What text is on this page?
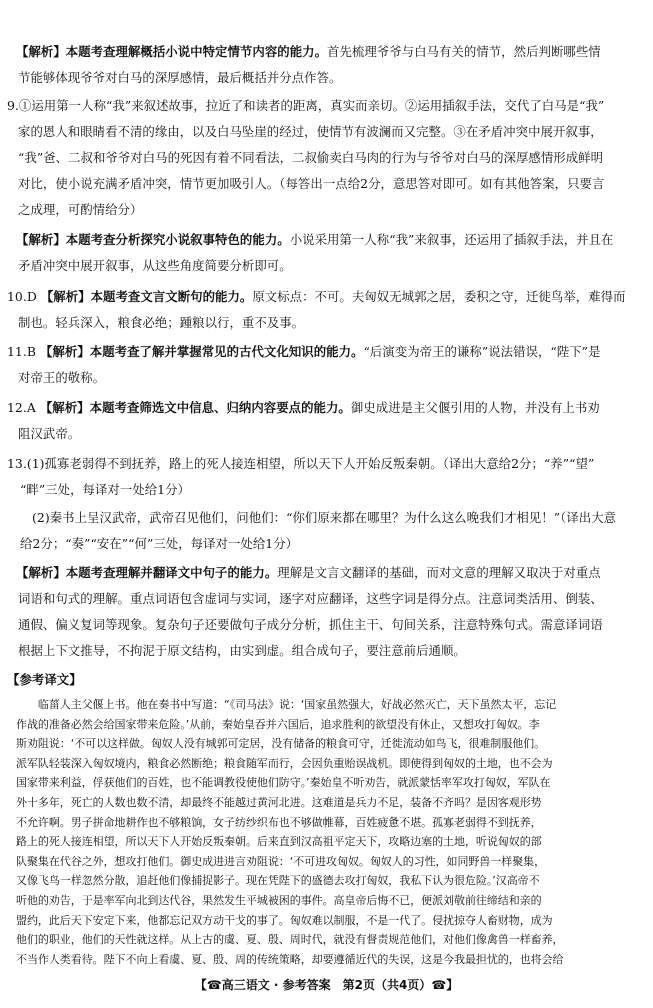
【解析】本题考查理解概括小说中特定情节内容的能力。首先梳理爷爷与白马有关的情节，然后判断哪些情
节能够体现爷爷对白马的深厚感情，最后概括并分点作答。
9.①运用第一人称“我”来叙述故事，拉近了和读者的距离，真实而亲切。②运用插叙手法，交代了白马是“我”
家的恩人和眼睛看不清的缘由，以及白马坠崖的经过，使情节有波澜而又完整。③在矛盾冲突中展开叙事，
“我”爸、二叔和爷爷对白马的死因有着不同看法，二叔偷卖白马肉的行为与爷爷对白马的深厚感情形成鲜明
对比，使小说充满矛盾冲突，情节更加吸引人。（每答出一点给2分，意思答对即可。如有其他答案，只要言
之成理，可酌情给分）
【解析】本题考查分析探究小说叙事特色的能力。小说采用第一人称“我”来叙事，还运用了插叙手法，并且在
矛盾冲突中展开叙事，从这些角度简要分析即可。
10.D 【解析】本题考查文言文断句的能力。原文标点：不可。夫匈奴无城郭之居，委积之守，迁徙鸟举，难得而
制也。轻兵深入，粮食必绝；踵粮以行，重不及事。
11.B 【解析】本题考查了解并掌握常见的古代文化知识的能力。“后演变为帝王的谦称”说法错误，“陛下”是
对帝王的敬称。
12.A 【解析】本题考查筛选文中信息、归纳内容要点的能力。御史成进是主父偃引用的人物，并没有上书劝
阻汉武帝。
13.(1)孤寡老弱得不到抚养，路上的死人接连相望，所以天下人开始反叛秦朝。（译出大意给2分；“养”“望”
“畔”三处，每译对一处给1分）
(2)秦书上呈汉武帝，武帝召见他们，问他们：“你们原来都在哪里？为什么这么晚我们才相见！”（译出大意
给2分；“奏”“安在”“何”三处，每译对一处给1分）
【解析】本题考查理解并翻译文中句子的能力。理解是文言文翻译的基础，而对文意的理解又取决于对重点
词语和句式的理解。重点词语包含虚词与实词，逐字对应翻译，这些字词是得分点。注意词类活用、倒装、
通假、偏义复词等现象。复杂句子还要做句子成分分析，抓住主干、句间关系，注意特殊句式。需意译词语
根据上下文推导，不拘泥于原文结构，由实到虚。组合成句子，要注意前后通顺。
【参考译文】
　　临菑人主父偃上书。他在奏书中写道：“《司马法》说：‘国家虽然强大，好战必然灭亡，天下虽然太平，忘记
作战的准备必然会给国家带来危险。’从前，秦始皇吞并六国后，追求胜利的欲望没有休止，又想攻打匈奴。李
斯劝阻说：‘不可以这样做。匈奴人没有城郭可定居，没有储备的粮食可守，迁徙流动如鸟飞，很难制服他们。
派军队轻装深入匈奴境内，粮食必然断绝；粮食随军而行，会因负重贻误战机。即使得到匈奴的土地，也不会为
国家带来利益，俘获他们的百姓，也不能调教役使他们防守。’秦始皇不听劝告，就派蒙恬率军攻打匈奴，军队在
外十多年，死亡的人数也数不清，却最终不能越过黄河北进。这难道是兵力不足，装备不齐吗？是因客观形势
不允许啊。男子拼命地耕作也不够粮饷，女子纺纱织布也不够做帷幕，百姓疲惫不堪。孤寡老弱得不到抚养，
路上的死人接连相望，所以天下人开始反叛秦朝。后来直到汉高祖平定天下，攻略边塞的土地，听说匈奴的部
队聚集在代谷之外，想攻打他们。御史成进进言劝阻说：‘不可进攻匈奴。匈奴人的习性，如同野兽一样聚集，
又像飞鸟一样忽然分散，追赶他们像捕捉影子。现在凭陛下的盛德去攻打匈奴，我私下认为很危险。’汉高帝不
【☎高三语文 · 参考答案　第2页（共4页）☎】
听他的劝告，于是率军向北到达代谷，果然发生平城被困的事件。高皇帝后悔不已，便派刘敬前往缔结和亲的
盟约，此后天下安定下来，他都忘记双方动干戈的事了。匈奴难以制服，不是一代了。侵扰掠夺人畜财物，成为
他们的职业，他们的天性就这样。从上古的虞、夏、殷、周时代，就没有督责规范他们，对他们像禽兽一样畜养，
不当作人类看待。陛下不向上看虞、夏、殷、周的传统策略，却要遵循近代的失误，这是今我最担忧的，也将会给
